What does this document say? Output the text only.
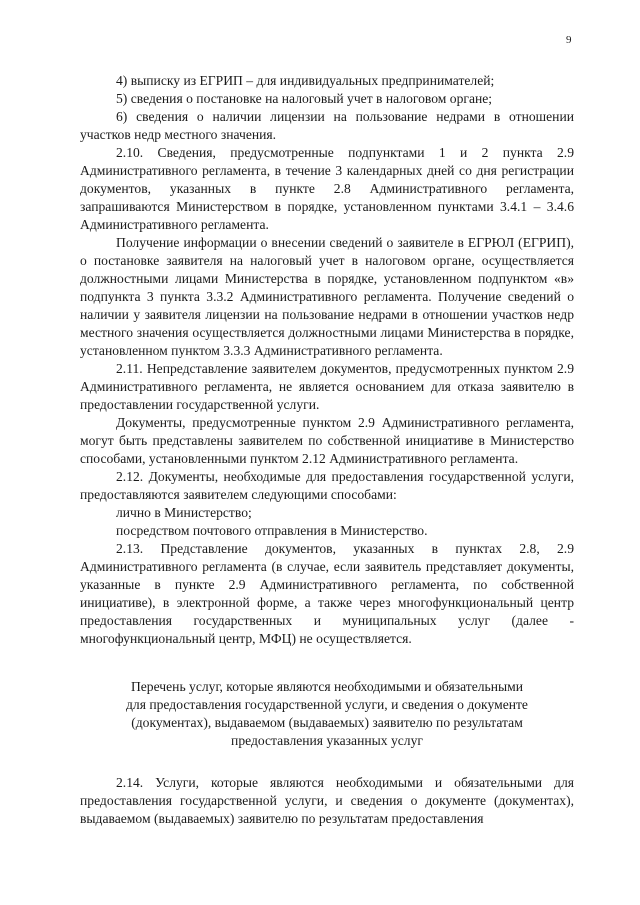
9

4) выписку из ЕГРИП – для индивидуальных предпринимателей;

5) сведения о постановке на налоговый учет в налоговом органе;

6) сведения о наличии лицензии на пользование недрами в отношении участков недр местного значения.

2.10. Сведения, предусмотренные подпунктами 1 и 2 пункта 2.9 Административного регламента, в течение 3 календарных дней со дня регистрации документов, указанных в пункте 2.8 Административного регламента, запрашиваются Министерством в порядке, установленном пунктами 3.4.1 – 3.4.6 Административного регламента.

Получение информации о внесении сведений о заявителе в ЕГРЮЛ (ЕГРИП), о постановке заявителя на налоговый учет в налоговом органе, осуществляется должностными лицами Министерства в порядке, установленном подпунктом «в» подпункта 3 пункта 3.3.2 Административного регламента. Получение сведений о наличии у заявителя лицензии на пользование недрами в отношении участков недр местного значения осуществляется должностными лицами Министерства в порядке, установленном пунктом 3.3.3 Административного регламента.

2.11. Непредставление заявителем документов, предусмотренных пунктом 2.9 Административного регламента, не является основанием для отказа заявителю в предоставлении государственной услуги.

Документы, предусмотренные пунктом 2.9 Административного регламента, могут быть представлены заявителем по собственной инициативе в Министерство способами, установленными пунктом 2.12 Административного регламента.

2.12. Документы, необходимые для предоставления государственной услуги, предоставляются заявителем следующими способами:

лично в Министерство;

посредством почтового отправления в Министерство.

2.13. Представление документов, указанных в пунктах 2.8, 2.9 Административного регламента (в случае, если заявитель представляет документы, указанные в пункте 2.9 Административного регламента, по собственной инициативе), в электронной форме, а также через многофункциональный центр предоставления государственных и муниципальных услуг (далее - многофункциональный центр, МФЦ) не осуществляется.

Перечень услуг, которые являются необходимыми и обязательными
для предоставления государственной услуги, и сведения о документе
(документах), выдаваемом (выдаваемых) заявителю по результатам
предоставления указанных услуг

2.14. Услуги, которые являются необходимыми и обязательными для предоставления государственной услуги, и сведения о документе (документах), выдаваемом (выдаваемых) заявителю по результатам предоставления
